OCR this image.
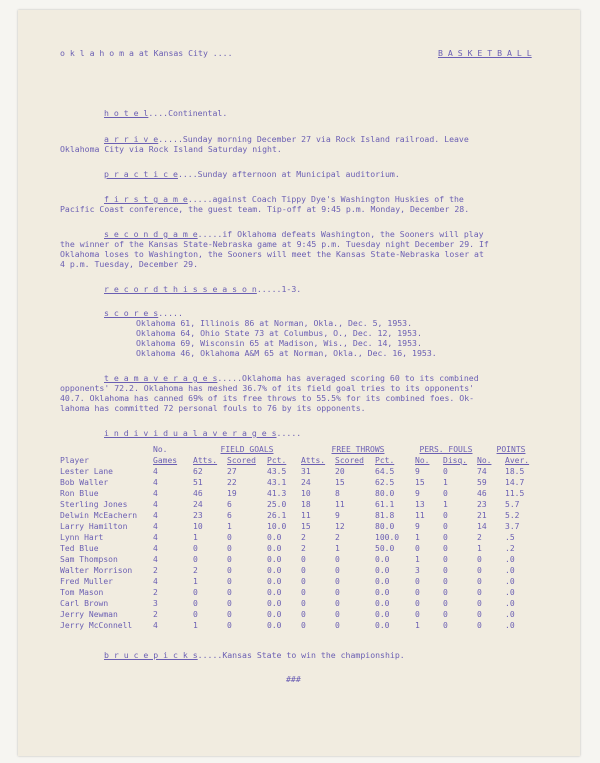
o k l a h o m a at Kansas City ....	B A S K E T B A L L
h o t e l....Continental.
a r r i v e.....Sunday morning December 27 via Rock Island railroad. Leave
Oklahoma City via Rock Island Saturday night.
p r a c t i c e....Sunday afternoon at Municipal auditorium.
f i r s t g a m e.....against Coach Tippy Dye's Washington Huskies of the
Pacific Coast conference, the guest team. Tip-off at 9:45 p.m. Monday, December 28.
s e c o n d g a m e.....if Oklahoma defeats Washington, the Sooners will play
the winner of the Kansas State-Nebraska game at 9:45 p.m. Tuesday night December 29. If
Oklahoma loses to Washington, the Sooners will meet the Kansas State-Nebraska loser at
4 p.m. Tuesday, December 29.
r e c o r d t h i s s e a s o n.....1-3.
s c o r e s.....
Oklahoma 61, Illinois 86 at Norman, Okla., Dec. 5, 1953.
Oklahoma 64, Ohio State 73 at Columbus, O., Dec. 12, 1953.
Oklahoma 69, Wisconsin 65 at Madison, Wis., Dec. 14, 1953.
Oklahoma 46, Oklahoma A&M 65 at Norman, Okla., Dec. 16, 1953.
t e a m a v e r a g e s.....Oklahoma has averaged scoring 60 to its combined
opponents' 72.2. Oklahoma has meshed 36.7% of its field goal tries to its opponents'
40.7. Oklahoma has canned 69% of its free throws to 55.5% for its combined foes. Ok-
lahoma has committed 72 personal fouls to 76 by its opponents.
i n d i v i d u a l a v e r a g e s.....
	No.	FIELD GOALS			FREE THROWS			PERS. FOULS		POINTS	
Player	Games	Atts.	Scored	Pct.	Atts.	Scored	Pct.	No.	Disq.	No.	Aver.
Lester Lane	4	62	27	43.5	31	20	64.5	9	0	74	18.5
Bob Waller	4	51	22	43.1	24	15	62.5	15	1	59	14.7
Ron Blue	4	46	19	41.3	10	8	80.0	9	0	46	11.5
Sterling Jones	4	24	6	25.0	18	11	61.1	13	1	23	5.7
Delwin McEachern	4	23	6	26.1	11	9	81.8	11	0	21	5.2
Larry Hamilton	4	10	1	10.0	15	12	80.0	9	0	14	3.7
Lynn Hart	4	1	0	0.0	2	2	100.0	1	0	2	.5
Ted Blue	4	0	0	0.0	2	1	50.0	0	0	1	.2
Sam Thompson	4	0	0	0.0	0	0	0.0	1	0	0	.0
Walter Morrison	2	2	0	0.0	0	0	0.0	3	0	0	.0
Fred Muller	4	1	0	0.0	0	0	0.0	0	0	0	.0
Tom Mason	2	0	0	0.0	0	0	0.0	0	0	0	.0
Carl Brown	3	0	0	0.0	0	0	0.0	0	0	0	.0
Jerry Newman	2	0	0	0.0	0	0	0.0	0	0	0	.0
Jerry McConnell	4	1	0	0.0	0	0	0.0	1	0	0	.0
b r u c e p i c k s.....Kansas State to win the championship.
###
